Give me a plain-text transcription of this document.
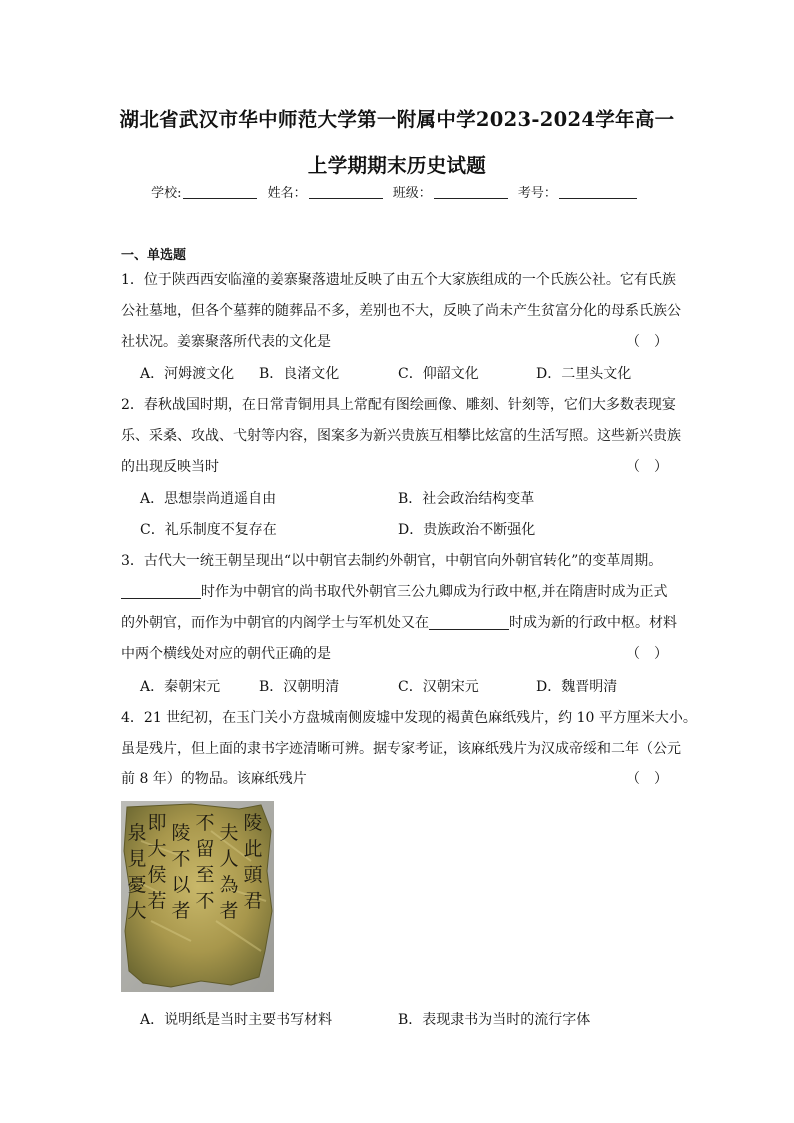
湖北省武汉市华中师范大学第一附属中学2023-2024学年高一
上学期期末历史试题
学校:	姓名：	班级：	考号：
一、单选题
1．位于陕西西安临潼的姜寨聚落遗址反映了由五个大家族组成的一个氏族公社。它有氏族
公社墓地，但各个墓葬的随葬品不多，差别也不大，反映了尚未产生贫富分化的母系氏族公
社状况。姜寨聚落所代表的文化是	（　）
A．河姆渡文化 B．良渚文化	C．仰韶文化	D．二里头文化
2．春秋战国时期，在日常青铜用具上常配有图绘画像、雕刻、针刻等，它们大多数表现宴
乐、采桑、攻战、弋射等内容，图案多为新兴贵族互相攀比炫富的生活写照。这些新兴贵族
的出现反映当时	（　）
A．思想崇尚逍遥自由	B．社会政治结构变革
C．礼乐制度不复存在	D．贵族政治不断强化
3．古代大一统王朝呈现出“以中朝官去制约外朝官，中朝官向外朝官转化”的变革周期。
时作为中朝官的尚书取代外朝官三公九卿成为行政中枢,并在隋唐时成为正式
的外朝官，而作为中朝官的内阁学士与军机处又在	时成为新的行政中枢。材料
中两个横线处对应的朝代正确的是	（　）
A．秦朝宋元	B．汉朝明清	C．汉朝宋元	D．魏晋明清
4．21 世纪初，在玉门关小方盘城南侧废墟中发现的褐黄色麻纸残片，约 10 平方厘米大小。
虽是残片，但上面的隶书字迹清晰可辨。据专家考证，该麻纸残片为汉成帝绥和二年（公元
前 8 年）的物品。该麻纸残片	（　）
陵
此
頭
君
夫
人
為
者
不
留
至
不
陵
不
以
者
即
大
侯
若
泉
見
憂
大
A．说明纸是当时主要书写材料	B．表现隶书为当时的流行字体
